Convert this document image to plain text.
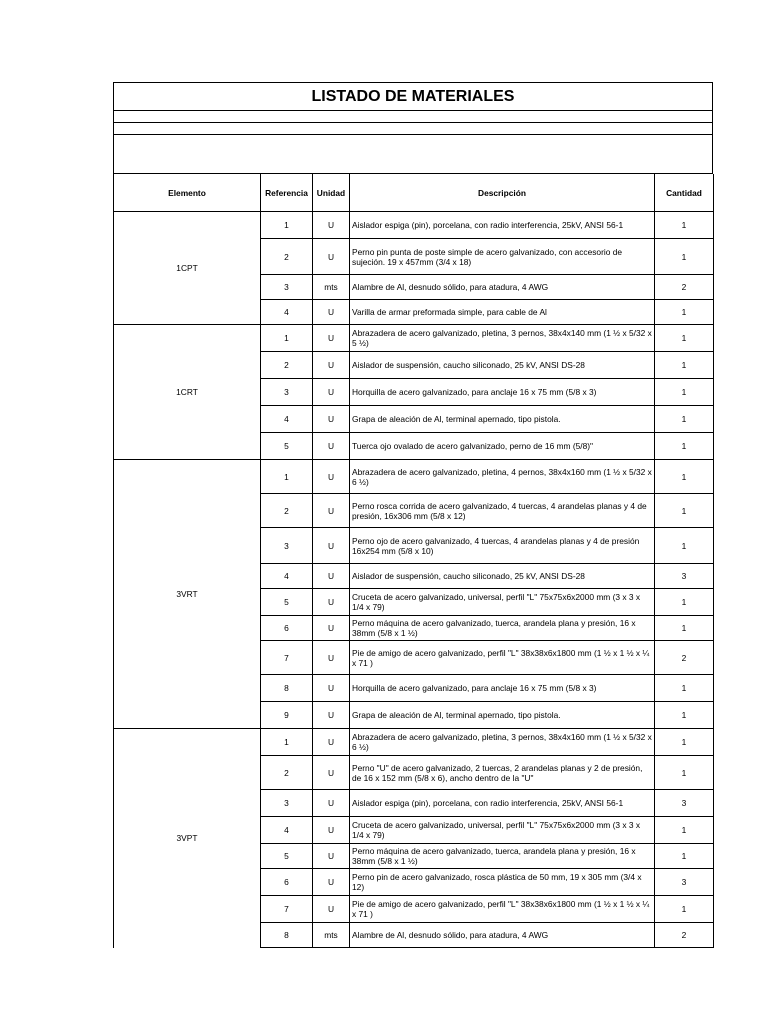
LISTADO DE MATERIALES
Elemento	Referencia	Unidad	Descripción	Cantidad
1CPT	1	U	Aislador espiga (pin), porcelana, con radio interferencia, 25kV, ANSI 56-1	1
	2	U	Perno pin punta de poste simple de acero galvanizado, con accesorio de sujeción. 19 x 457mm (3/4 x 18)	1
	3	mts	Alambre de Al, desnudo sólido, para atadura, 4 AWG	2
	4	U	Varilla de armar preformada simple, para cable de Al	1
1CRT	1	U	Abrazadera de acero galvanizado, pletina, 3 pernos, 38x4x140 mm (1 ½ x 5/32 x 5 ½)	1
	2	U	Aislador de suspensión, caucho siliconado, 25 kV, ANSI DS-28	1
	3	U	Horquilla de acero galvanizado, para anclaje 16 x 75 mm (5/8 x 3)	1
	4	U	Grapa de aleación de Al, terminal apernado, tipo pistola.	1
	5	U	Tuerca ojo ovalado de acero galvanizado, perno de 16 mm (5/8)"	1
3VRT	1	U	Abrazadera de acero galvanizado, pletina, 4 pernos, 38x4x160 mm (1 ½ x 5/32 x 6 ½)	1
	2	U	Perno rosca corrida de acero galvanizado, 4 tuercas, 4 arandelas planas y 4 de presión, 16x306 mm (5/8 x 12)	1
	3	U	Perno ojo de acero galvanizado, 4 tuercas, 4 arandelas planas y 4 de presión 16x254 mm (5/8 x 10)	1
	4	U	Aislador de suspensión, caucho siliconado, 25 kV, ANSI DS-28	3
	5	U	Cruceta de acero galvanizado, universal, perfil "L" 75x75x6x2000 mm (3 x 3 x 1/4 x 79)	1
	6	U	Perno máquina de acero galvanizado, tuerca, arandela plana y presión, 16 x 38mm (5/8 x 1 ½)	1
	7	U	Pie de amigo de acero galvanizado, perfil "L" 38x38x6x1800 mm (1 ½ x 1 ½ x ¼ x 71 )	2
	8	U	Horquilla de acero galvanizado, para anclaje 16 x 75 mm (5/8 x 3)	1
	9	U	Grapa de aleación de Al, terminal apernado, tipo pistola.	1
3VPT	1	U	Abrazadera de acero galvanizado, pletina, 3 pernos, 38x4x160 mm (1 ½ x 5/32 x 6 ½)	1
	2	U	Perno "U" de acero galvanizado, 2 tuercas, 2 arandelas planas y 2 de presión, de 16 x 152 mm (5/8 x 6), ancho dentro de la "U"	1
	3	U	Aislador espiga (pin), porcelana, con radio interferencia, 25kV, ANSI 56-1	3
	4	U	Cruceta de acero galvanizado, universal, perfil "L" 75x75x6x2000 mm (3 x 3 x 1/4 x 79)	1
	5	U	Perno máquina de acero galvanizado, tuerca, arandela plana y presión, 16 x 38mm (5/8 x 1 ½)	1
	6	U	Perno pin de acero galvanizado, rosca plástica de 50 mm, 19 x 305 mm (3/4 x 12)	3
	7	U	Pie de amigo de acero galvanizado, perfil "L" 38x38x6x1800 mm (1 ½ x 1 ½ x ¼ x 71 )	1
	8	mts	Alambre de Al, desnudo sólido, para atadura, 4 AWG	2
